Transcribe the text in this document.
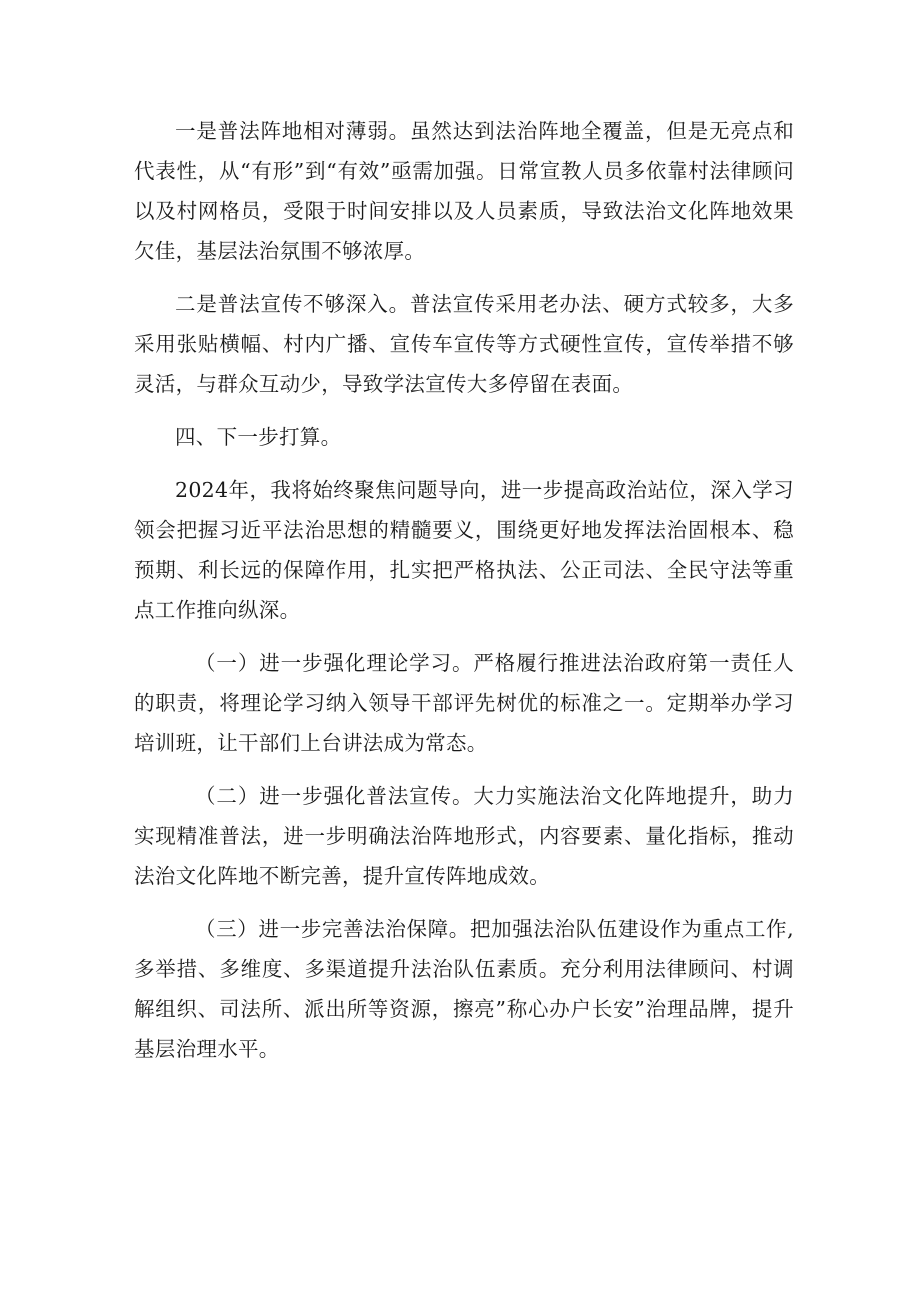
一是普法阵地相对薄弱。虽然达到法治阵地全覆盖，但是无亮点和代表性，从“有形”到“有效”亟需加强。日常宣教人员多依靠村法律顾问以及村网格员，受限于时间安排以及人员素质，导致法治文化阵地效果欠佳，基层法治氛围不够浓厚。

二是普法宣传不够深入。普法宣传采用老办法、硬方式较多，大多采用张贴横幅、村内广播、宣传车宣传等方式硬性宣传，宣传举措不够灵活，与群众互动少，导致学法宣传大多停留在表面。

四、下一步打算。

2024年，我将始终聚焦问题导向，进一步提高政治站位，深入学习领会把握习近平法治思想的精髓要义，围绕更好地发挥法治固根本、稳预期、利长远的保障作用，扎实把严格执法、公正司法、全民守法等重点工作推向纵深。

（一）进一步强化理论学习。严格履行推进法治政府第一责任人的职责，将理论学习纳入领导干部评先树优的标准之一。定期举办学习培训班，让干部们上台讲法成为常态。

（二）进一步强化普法宣传。大力实施法治文化阵地提升，助力实现精准普法，进一步明确法治阵地形式，内容要素、量化指标，推动法治文化阵地不断完善，提升宣传阵地成效。

（三）进一步完善法治保障。把加强法治队伍建设作为重点工作, 多举措、多维度、多渠道提升法治队伍素质。充分利用法律顾问、村调解组织、司法所、派出所等资源，擦亮”称心办户长安”治理品牌，提升基层治理水平。
